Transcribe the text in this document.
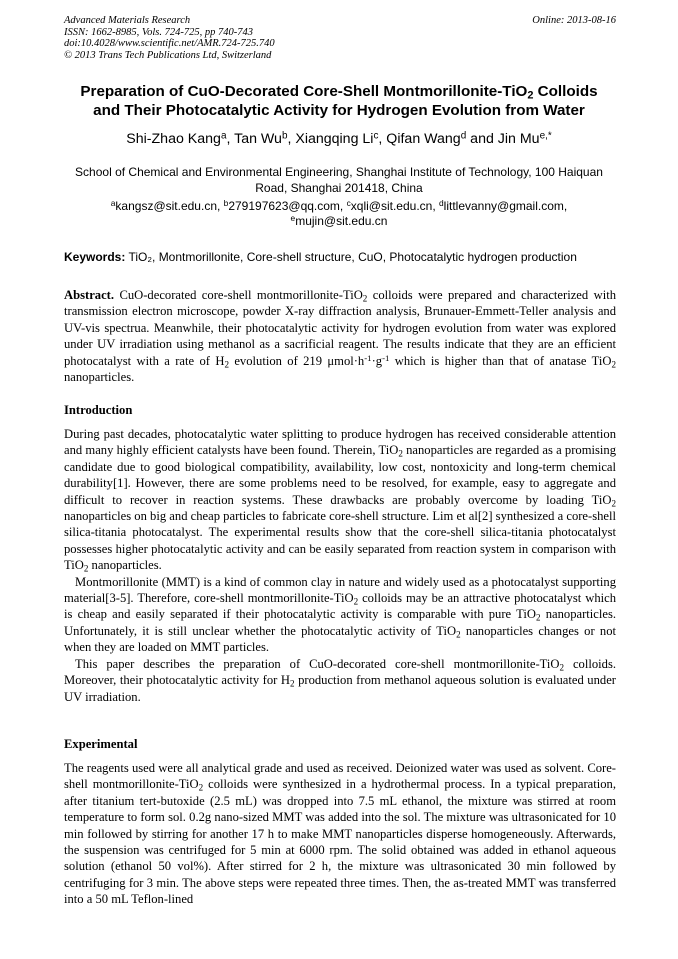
Advanced Materials Research
ISSN: 1662-8985, Vols. 724-725, pp 740-743
doi:10.4028/www.scientific.net/AMR.724-725.740
© 2013 Trans Tech Publications Ltd, Switzerland
Online: 2013-08-16
Preparation of CuO-Decorated Core-Shell Montmorillonite-TiO$_2$ Colloids
and Their Photocatalytic Activity for Hydrogen Evolution from Water
Shi-Zhao Kang$^a$, Tan Wu$^b$, Xiangqing Li$^c$, Qifan Wang$^d$ and Jin $Mu^{e,*}$
School of Chemical and Environmental Engineering, Shanghai Institute of Technology, 100 Haiquan
Road, Shanghai 201418, China
$^a$kangsz@sit.edu.cn, $^b$279197623@qq.com, $^c$xqli@sit.edu.cn, $^d$littlevanny@gmail.com,
$^e$mujin@sit.edu.cn
Keywords: TiO₂, Montmorillonite, Core-shell structure, CuO, Photocatalytic hydrogen production

Abstract. CuO-decorated core-shell montmorillonite-TiO$_2$ colloids were prepared and characterized with transmission electron microscope, powder X-ray diffraction analysis, Brunauer-Emmett-Teller analysis and UV-vis spectrua. Meanwhile, their photocatalytic activity for hydrogen evolution from water was explored under UV irradiation using methanol as a sacrificial reagent. The results indicate that they are an efficient photocatalyst with a rate of $H_2$ evolution of 219 $\mu mol\cdot h^{-1}\cdot g^{-1}$ which is higher than that of anatase TiO$_2$ nanoparticles.

Introduction

During past decades, photocatalytic water splitting to produce hydrogen has received considerable attention and many highly efficient catalysts have been found. Therein, TiO$_2$ nanoparticles are regarded as a promising candidate due to good biological compatibility, availability, low cost, nontoxicity and long-term chemical durability[1]. However, there are some problems need to be resolved, for example, easy to aggregate and difficult to recover in reaction systems. These drawbacks are probably overcome by loading TiO$_2$ nanoparticles on big and cheap particles to fabricate core-shell structure. Lim et al[2] synthesized a core-shell silica-titania photocatalyst. The experimental results show that the core-shell silica-titania photocatalyst possesses higher photocatalytic activity and can be easily separated from reaction system in comparison with TiO$_2$ nanoparticles.

Montmorillonite (MMT) is a kind of common clay in nature and widely used as a photocatalyst supporting material[3-5]. Therefore, core-shell montmorillonite-TiO$_2$ colloids may be an attractive photocatalyst which is cheap and easily separated if their photocatalytic activity is comparable with pure TiO$_2$ nanoparticles. Unfortunately, it is still unclear whether the photocatalytic activity of TiO$_2$ nanoparticles changes or not when they are loaded on MMT particles.

This paper describes the preparation of CuO-decorated core-shell montmorillonite-TiO$_2$ colloids. Moreover, their photocatalytic activity for $H_2$ production from methanol aqueous solution is evaluated under UV irradiation.

Experimental

The reagents used were all analytical grade and used as received. Deionized water was used as solvent. Core-shell montmorillonite-TiO$_2$ colloids were synthesized in a hydrothermal process. In a typical preparation, after titanium tert-butoxide (2.5 mL) was dropped into 7.5 mL ethanol, the mixture was stirred at room temperature to form sol. 0.2g nano-sized MMT was added into the sol. The mixture was ultrasonicated for 10 min followed by stirring for another 17 h to make MMT nanoparticles disperse homogeneously. Afterwards, the suspension was centrifuged for 5 min at 6000 rpm. The solid obtained was added in ethanol aqueous solution (ethanol 50 vol%). After stirred for 2 h, the mixture was ultrasonicated 30 min followed by centrifuging for 3 min. The above steps were repeated three times. Then, the as-treated MMT was transferred into a 50 mL Teflon-lined
